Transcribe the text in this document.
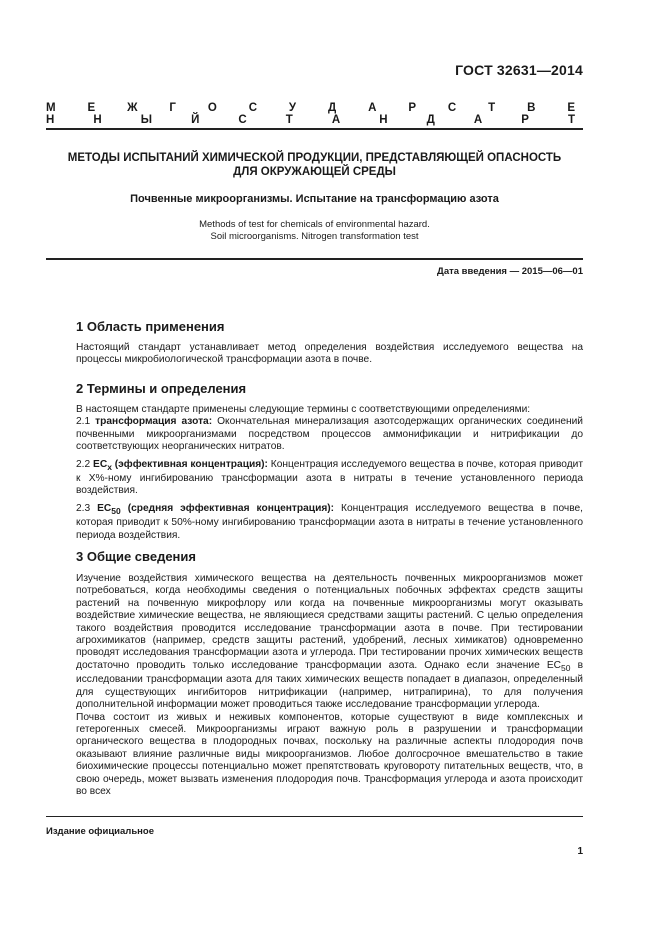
ГОСТ 32631—2014
М Е Ж Г О С У Д А Р С Т В Е Н Н Ы Й С Т А Н Д А Р Т
МЕТОДЫ ИСПЫТАНИЙ ХИМИЧЕСКОЙ ПРОДУКЦИИ, ПРЕДСТАВЛЯЮЩЕЙ ОПАСНОСТЬ
ДЛЯ ОКРУЖАЮЩЕЙ СРЕДЫ
Почвенные микроорганизмы. Испытание на трансформацию азота
Methods of test for chemicals of environmental hazard.
Soil microorganisms. Nitrogen transformation test
Дата введения — 2015—06—01
1 Область применения
Настоящий стандарт устанавливает метод определения воздействия исследуемого вещества на процессы микробиологической трансформации азота в почве.
2 Термины и определения
В настоящем стандарте применены следующие термины с соответствующими определениями:
2.1 трансформация азота: Окончательная минерализация азотсодержащих органических соединений почвенными микроорганизмами посредством процессов аммонификации и нитрификации до соответствующих неорганических нитратов.
2.2 $EC_x$ (эффективная концентрация): Концентрация исследуемого вещества в почве, которая приводит к Х%-ному ингибированию трансформации азота в нитраты в течение установленного периода воздействия.
2.3 $EC_{50}$ (средняя эффективная концентрация): Концентрация исследуемого вещества в почве, которая приводит к 50%-ному ингибированию трансформации азота в нитраты в течение установленного периода воздействия.
3 Общие сведения
Изучение воздействия химического вещества на деятельность почвенных микроорганизмов может потребоваться, когда необходимы сведения о потенциальных побочных эффектах средств защиты растений на почвенную микрофлору или когда на почвенные микроорганизмы могут оказывать воздействие химические вещества, не являющиеся средствами защиты растений. С целью определения такого воздействия проводится исследование трансформации азота в почве. При тестировании агрохимикатов (например, средств защиты растений, удобрений, лесных химикатов) одновременно проводят исследования трансформации азота и углерода. При тестировании прочих химических веществ достаточно проводить только исследование трансформации азота. Однако если значение $EC_{50}$ в исследовании трансформации азота для таких химических веществ попадает в диапазон, определенный для существующих ингибиторов нитрификации (например, нитрапирина), то для получения дополнительной информации может проводиться также исследование трансформации углерода.
Почва состоит из живых и неживых компонентов, которые существуют в виде комплексных и гетерогенных смесей. Микроорганизмы играют важную роль в разрушении и трансформации органического вещества в плодородных почвах, поскольку на различные аспекты плодородия почв оказывают влияние различные виды микроорганизмов. Любое долгосрочное вмешательство в такие биохимические процессы потенциально может препятствовать круговороту питательных веществ, что, в свою очередь, может вызвать изменения плодородия почв. Трансформация углерода и азота происходит во всех
Издание официальное
1
